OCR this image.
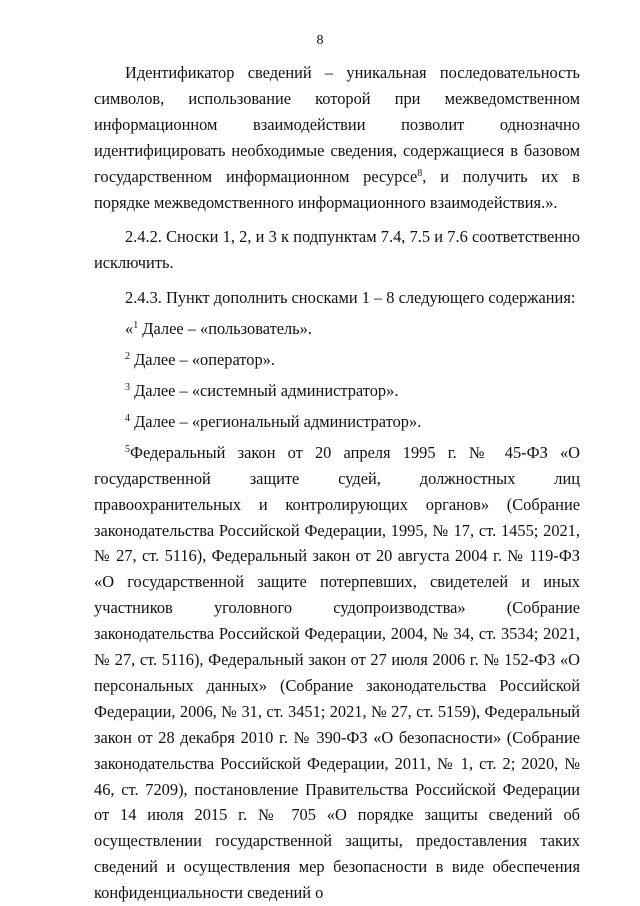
8

Идентификатор сведений – уникальная последовательность символов, использование которой при межведомственном информационном взаимодействии позволит однозначно идентифицировать необходимые сведения, содержащиеся в базовом государственном информационном ресурсе$^8$, и получить их в порядке межведомственного информационного взаимодействия.».

2.4.2. Сноски 1, 2, и 3 к подпунктам 7.4, 7.5 и 7.6 соответственно исключить.

2.4.3. Пункт дополнить сносками 1 – 8 следующего содержания:

«$^1$ Далее – «пользователь».

$^2$ Далее – «оператор».

$^3$ Далее – «системный администратор».

$^4$ Далее – «региональный администратор».

$^5$Федеральный закон от 20 апреля 1995 г. № 45-ФЗ «О государственной защите судей, должностных лиц правоохранительных и контролирующих органов» (Собрание законодательства Российской Федерации, 1995, № 17, ст. 1455; 2021, № 27, ст. 5116), Федеральный закон от 20 августа 2004 г. № 119-ФЗ «О государственной защите потерпевших, свидетелей и иных участников уголовного судопроизводства» (Собрание законодательства Российской Федерации, 2004, № 34, ст. 3534; 2021, № 27, ст. 5116), Федеральный закон от 27 июля 2006 г. № 152-ФЗ «О персональных данных» (Собрание законодательства Российской Федерации, 2006, № 31, ст. 3451; 2021, № 27, ст. 5159), Федеральный закон от 28 декабря 2010 г. № 390-ФЗ «О безопасности» (Собрание законодательства Российской Федерации, 2011, № 1, ст. 2; 2020, № 46, ст. 7209), постановление Правительства Российской Федерации от 14 июля 2015 г. № 705 «О порядке защиты сведений об осуществлении государственной защиты, предоставления таких сведений и осуществления мер безопасности в виде обеспечения конфиденциальности сведений о
